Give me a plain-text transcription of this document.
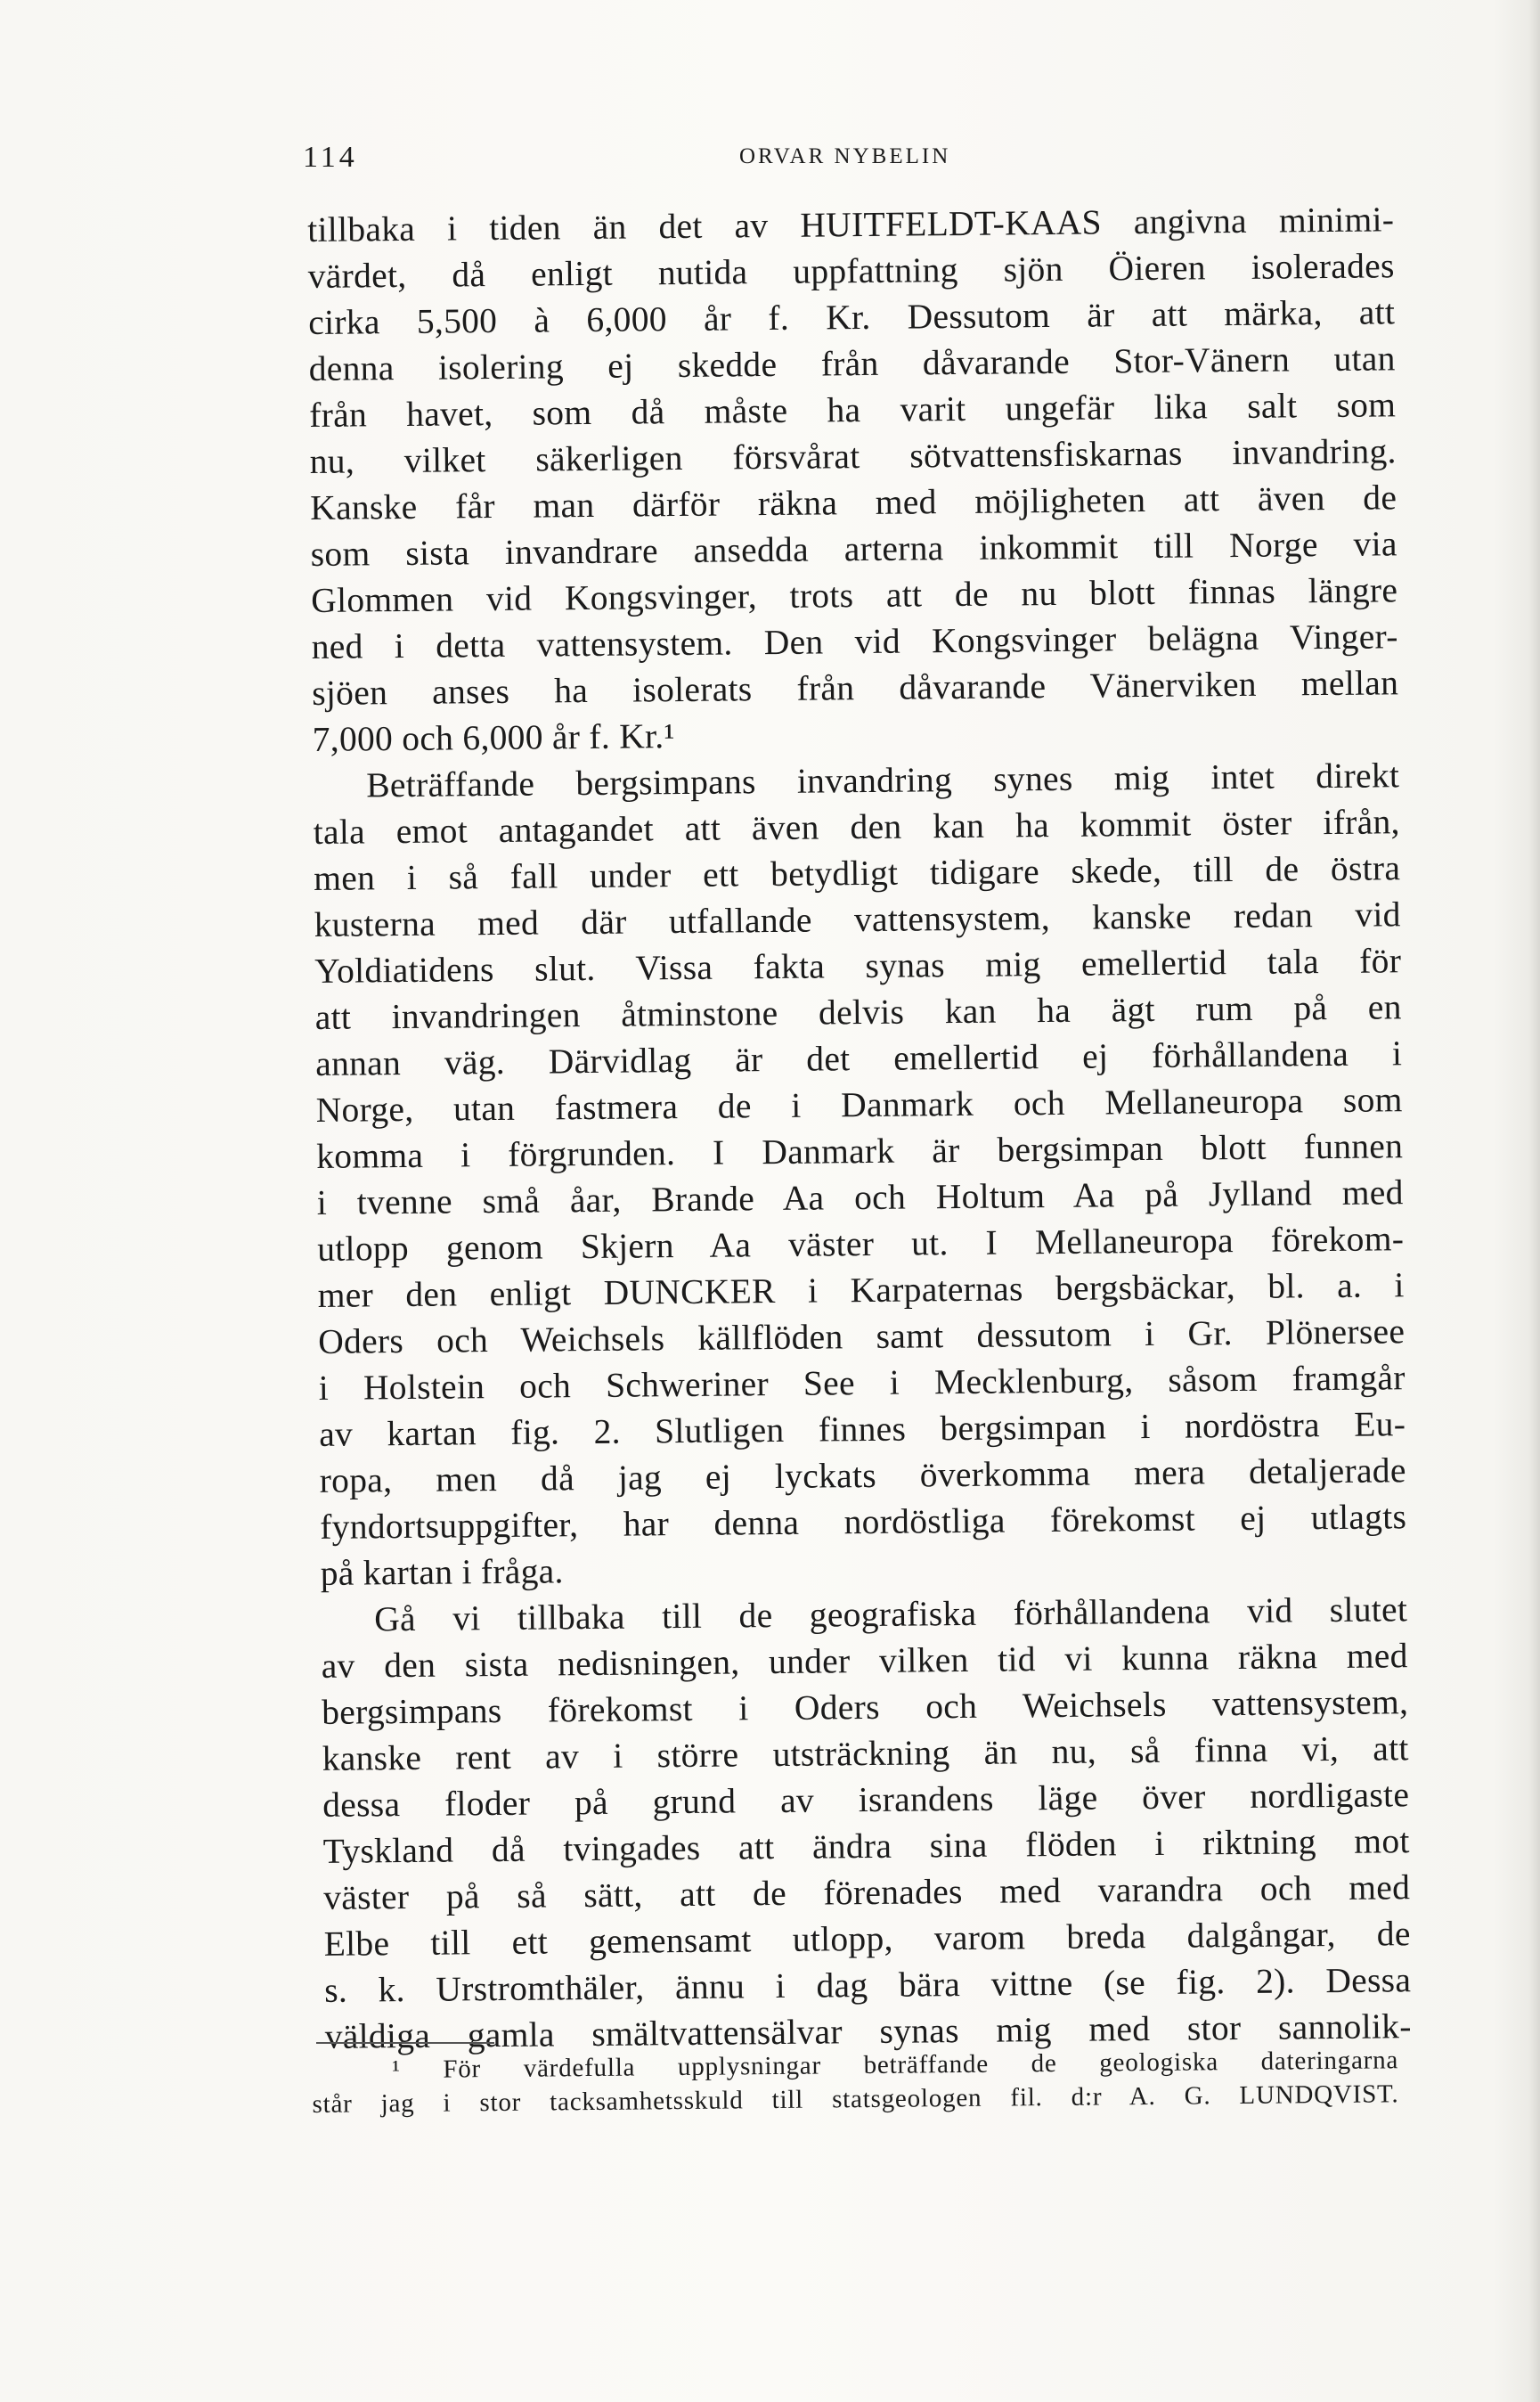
114	ORVAR NYBELIN
tillbaka i tiden än det av HUITFELDT-KAAS angivna minimi-
värdet, då enligt nutida uppfattning sjön Öieren isolerades
cirka 5,500 à 6,000 år f. Kr. Dessutom är att märka, att
denna isolering ej skedde från dåvarande Stor-Vänern utan
från havet, som då måste ha varit ungefär lika salt som
nu, vilket säkerligen försvårat sötvattensfiskarnas invandring.
Kanske får man därför räkna med möjligheten att även de
som sista invandrare ansedda arterna inkommit till Norge via
Glommen vid Kongsvinger, trots att de nu blott finnas längre
ned i detta vattensystem. Den vid Kongsvinger belägna Vinger-
sjöen anses ha isolerats från dåvarande Vänerviken mellan
7,000 och 6,000 år f. Kr.¹
Beträffande bergsimpans invandring synes mig intet direkt
tala emot antagandet att även den kan ha kommit öster ifrån,
men i så fall under ett betydligt tidigare skede, till de östra
kusterna med där utfallande vattensystem, kanske redan vid
Yoldiatidens slut. Vissa fakta synas mig emellertid tala för
att invandringen åtminstone delvis kan ha ägt rum på en
annan väg. Därvidlag är det emellertid ej förhållandena i
Norge, utan fastmera de i Danmark och Mellaneuropa som
komma i förgrunden. I Danmark är bergsimpan blott funnen
i tvenne små åar, Brande Aa och Holtum Aa på Jylland med
utlopp genom Skjern Aa väster ut. I Mellaneuropa förekom-
mer den enligt DUNCKER i Karpaternas bergsbäckar, bl. a. i
Oders och Weichsels källflöden samt dessutom i Gr. Plönersee
i Holstein och Schweriner See i Mecklenburg, såsom framgår
av kartan fig. 2. Slutligen finnes bergsimpan i nordöstra Eu-
ropa, men då jag ej lyckats överkomma mera detaljerade
fyndortsuppgifter, har denna nordöstliga förekomst ej utlagts
på kartan i fråga.
Gå vi tillbaka till de geografiska förhållandena vid slutet
av den sista nedisningen, under vilken tid vi kunna räkna med
bergsimpans förekomst i Oders och Weichsels vattensystem,
kanske rent av i större utsträckning än nu, så finna vi, att
dessa floder på grund av israndens läge över nordligaste
Tyskland då tvingades att ändra sina flöden i riktning mot
väster på så sätt, att de förenades med varandra och med
Elbe till ett gemensamt utlopp, varom breda dalgångar, de
s. k. Urstromthäler, ännu i dag bära vittne (se fig. 2). Dessa
väldiga gamla smältvattensälvar synas mig med stor sannolik-
¹ För värdefulla upplysningar beträffande de geologiska dateringarna
står jag i stor tacksamhetsskuld till statsgeologen fil. d:r A. G. LUNDQVIST.
